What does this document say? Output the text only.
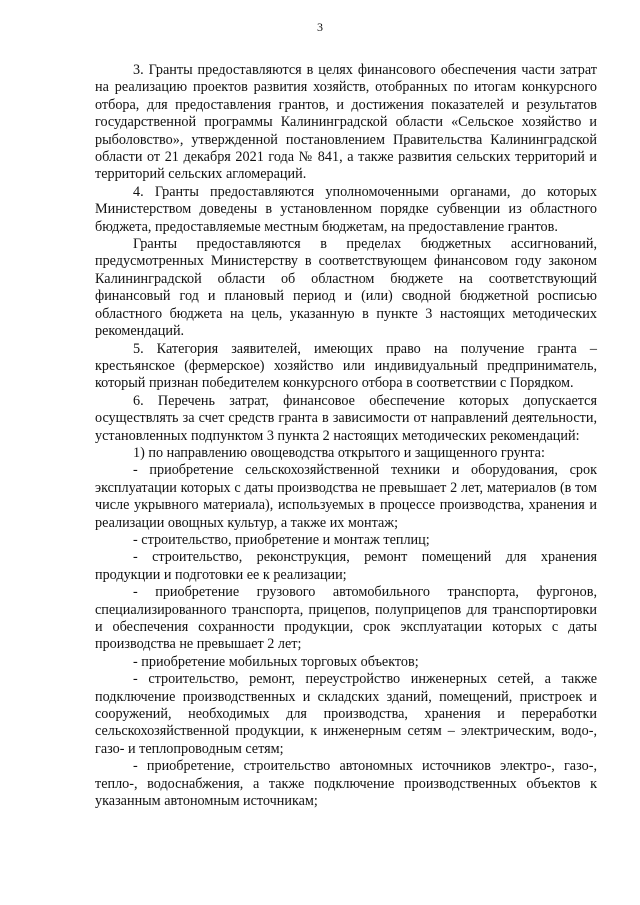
3

3. Гранты предоставляются в целях финансового обеспечения части затрат на реализацию проектов развития хозяйств, отобранных по итогам конкурсного отбора, для предоставления грантов, и достижения показателей и результатов государственной программы Калининградской области «Сельское хозяйство и рыболовство», утвержденной постановлением Правительства Калининградской области от 21 декабря 2021 года № 841, а также развития сельских территорий и территорий сельских агломераций.

4. Гранты предоставляются уполномоченными органами, до которых Министерством доведены в установленном порядке субвенции из областного бюджета, предоставляемые местным бюджетам, на предоставление грантов.

Гранты предоставляются в пределах бюджетных ассигнований, предусмотренных Министерству в соответствующем финансовом году законом Калининградской области об областном бюджете на соответствующий финансовый год и плановый период и (или) сводной бюджетной росписью областного бюджета на цель, указанную в пункте 3 настоящих методических рекомендаций.

5. Категория заявителей, имеющих право на получение гранта – крестьянское (фермерское) хозяйство или индивидуальный предприниматель, который признан победителем конкурсного отбора в соответствии с Порядком.

6. Перечень затрат, финансовое обеспечение которых допускается осуществлять за счет средств гранта в зависимости от направлений деятельности, установленных подпунктом 3 пункта 2 настоящих методических рекомендаций:

1) по направлению овощеводства открытого и защищенного грунта:

- приобретение сельскохозяйственной техники и оборудования, срок эксплуатации которых с даты производства не превышает 2 лет, материалов (в том числе укрывного материала), используемых в процессе производства, хранения и реализации овощных культур, а также их монтаж;

- строительство, приобретение и монтаж теплиц;

- строительство, реконструкция, ремонт помещений для хранения продукции и подготовки ее к реализации;

- приобретение грузового автомобильного транспорта, фургонов, специализированного транспорта, прицепов, полуприцепов для транспортировки и обеспечения сохранности продукции, срок эксплуатации которых с даты производства не превышает 2 лет;

- приобретение мобильных торговых объектов;

- строительство, ремонт, переустройство инженерных сетей, а также подключение производственных и складских зданий, помещений, пристроек и сооружений, необходимых для производства, хранения и переработки сельскохозяйственной продукции, к инженерным сетям – электрическим, водо-, газо- и теплопроводным сетям;

- приобретение, строительство автономных источников электро-, газо-, тепло-, водоснабжения, а также подключение производственных объектов к указанным автономным источникам;
